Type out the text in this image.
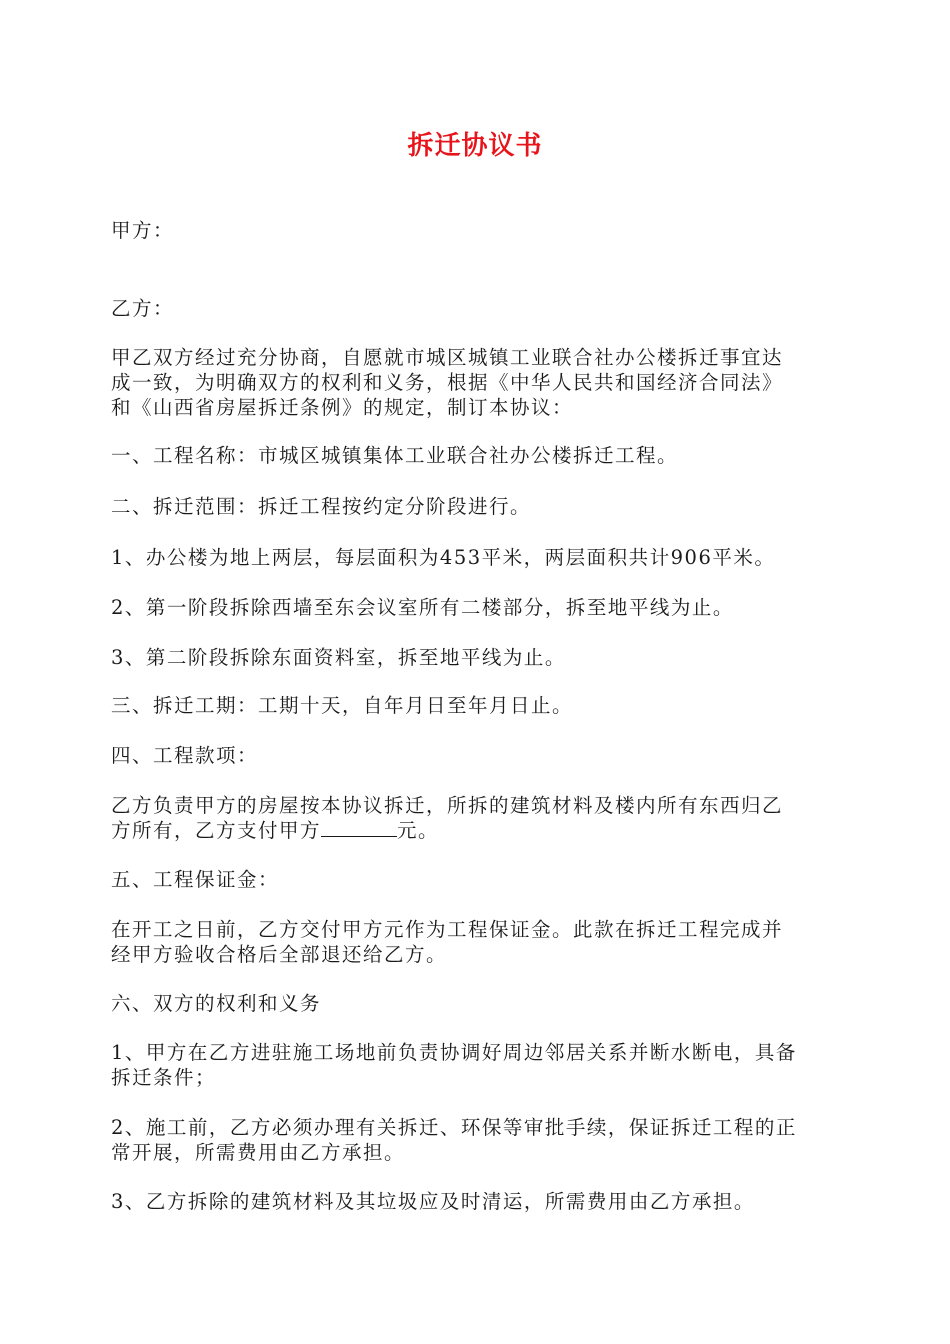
拆迁协议书

甲方：

乙方：

甲乙双方经过充分协商，自愿就市城区城镇工业联合社办公楼拆迁事宜达
成一致，为明确双方的权利和义务，根据《中华人民共和国经济合同法》
和《山西省房屋拆迁条例》的规定，制订本协议：

一、工程名称：市城区城镇集体工业联合社办公楼拆迁工程。

二、拆迁范围：拆迁工程按约定分阶段进行。

1、办公楼为地上两层，每层面积为453平米，两层面积共计906平米。

2、第一阶段拆除西墙至东会议室所有二楼部分，拆至地平线为止。

3、第二阶段拆除东面资料室，拆至地平线为止。

三、拆迁工期：工期十天，自年月日至年月日止。

四、工程款项：

乙方负责甲方的房屋按本协议拆迁，所拆的建筑材料及楼内所有东西归乙
方所有，乙方支付甲方	元。

五、工程保证金：

在开工之日前，乙方交付甲方元作为工程保证金。此款在拆迁工程完成并
经甲方验收合格后全部退还给乙方。

六、双方的权利和义务

1、甲方在乙方进驻施工场地前负责协调好周边邻居关系并断水断电，具备
拆迁条件；

2、施工前，乙方必须办理有关拆迁、环保等审批手续，保证拆迁工程的正
常开展，所需费用由乙方承担。

3、乙方拆除的建筑材料及其垃圾应及时清运，所需费用由乙方承担。
